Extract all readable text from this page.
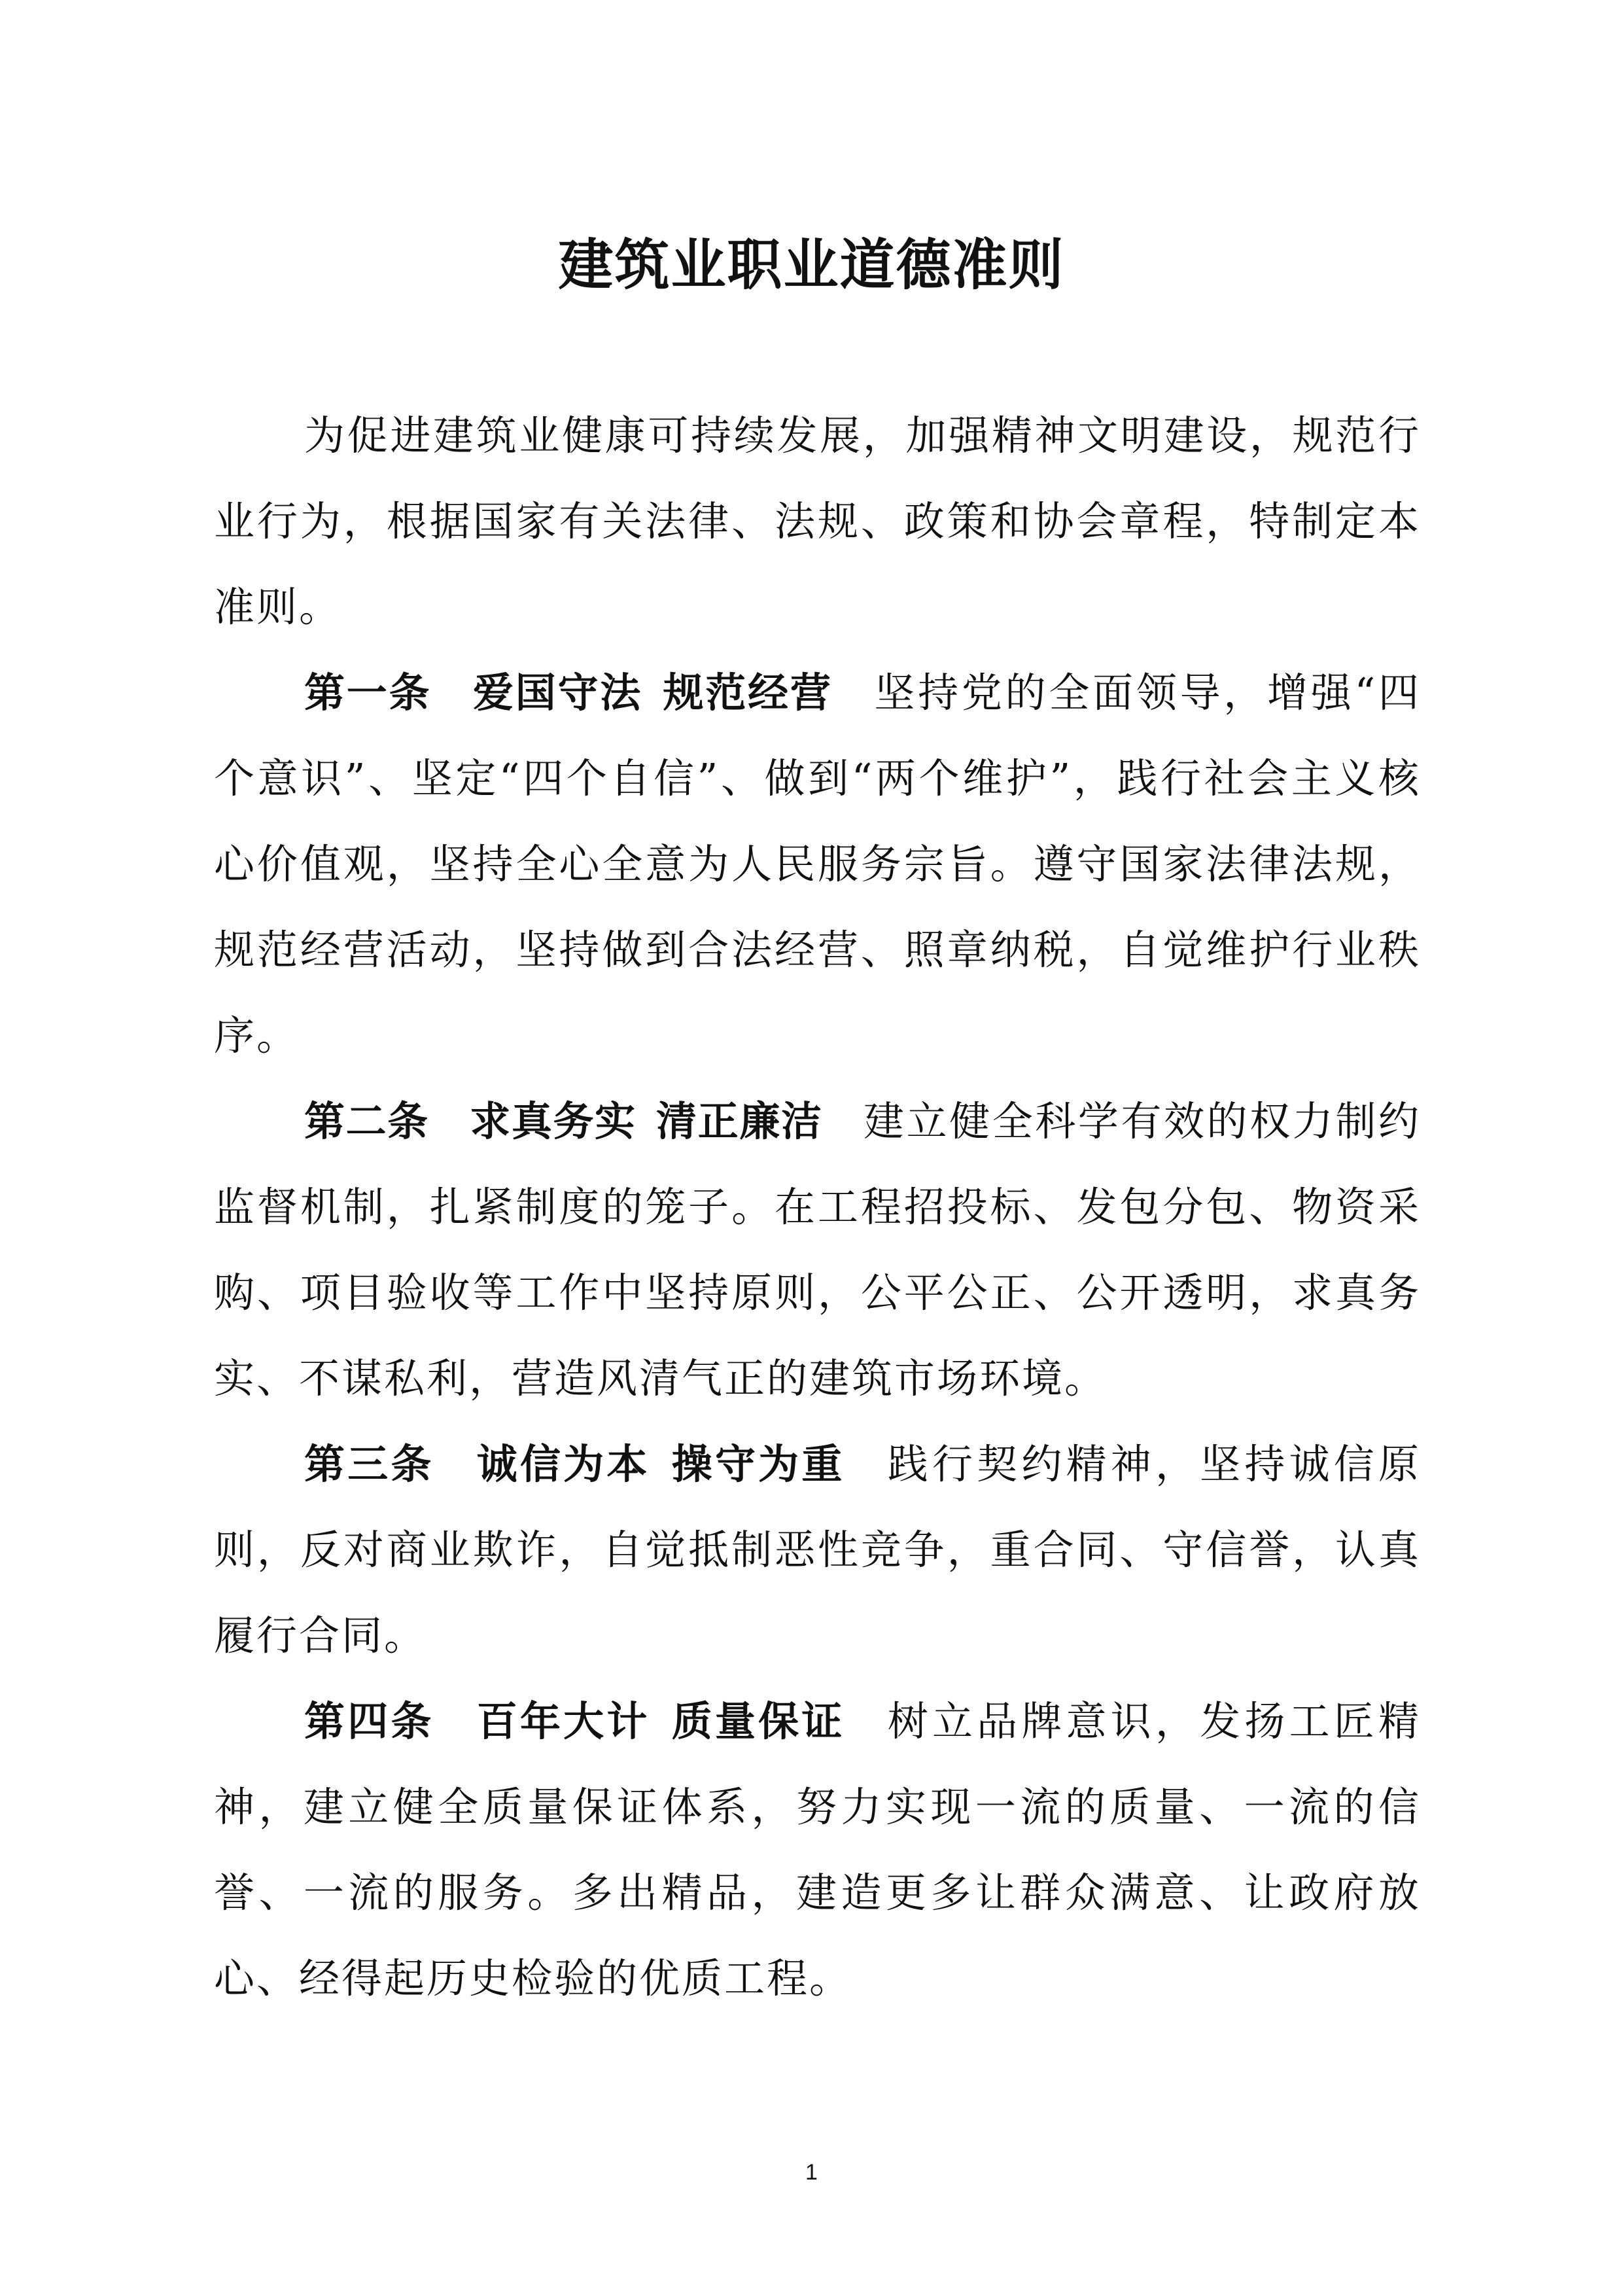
建筑业职业道德准则

为促进建筑业健康可持续发展，加强精神文明建设，规范行业行为，根据国家有关法律、法规、政策和协会章程，特制定本准则。

第一条 爱国守法 规范经营 坚持党的全面领导，增强“四个意识”、坚定“四个自信”、做到“两个维护”，践行社会主义核心价值观，坚持全心全意为人民服务宗旨。遵守国家法律法规，规范经营活动，坚持做到合法经营、照章纳税，自觉维护行业秩序。

第二条 求真务实 清正廉洁 建立健全科学有效的权力制约监督机制，扎紧制度的笼子。在工程招投标、发包分包、物资采购、项目验收等工作中坚持原则，公平公正、公开透明，求真务实、不谋私利，营造风清气正的建筑市场环境。

第三条 诚信为本 操守为重 践行契约精神，坚持诚信原则，反对商业欺诈，自觉抵制恶性竞争，重合同、守信誉，认真履行合同。

第四条 百年大计 质量保证 树立品牌意识，发扬工匠精神，建立健全质量保证体系，努力实现一流的质量、一流的信誉、一流的服务。多出精品，建造更多让群众满意、让政府放心、经得起历史检验的优质工程。

1
